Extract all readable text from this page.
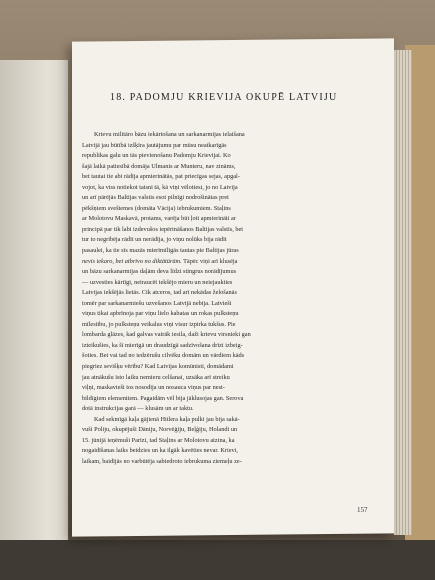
18. PADOMJU KRIEVIJA OKUPĒ LATVIJU
Krievu militāro bāzu iekārtošana un sarkanarmijas ielaišana
Latvijā jau būtībā izšķīra jautājumu par mūsu neatkarīgās
republikas galu un tās pievienošanu Padomju Krievijai. Ko
šajā laikā patiesībā domāja Ulmanis ar Munteru, nav zināms,
bet tautai tie abi rādīja apmierinātās, pat priecīgas sejas, apgal-
vojot, ka viss notiekot taisni tā, kā viņi vēlotiesi, jo no Latvija
un arī pārējās Baltijas valstis esot pilnīgi nodrošinātas pret
pēkšņiem sveštemes (domāta Vācija) iebrukumiem. Staļins
ar Molotovu Maskavā, protams, varēja būt ļoti apmierināti ar
principā par tik labi izdevušos iepērināšanos Baltijas valstīs, bet
tur to negribēja rādīt un nerādīja, jo viņu nolūks bija rādīt
pasaulei, ka tie sīs mazās mierīmīlīgās tautas pie Baltijas jūras
nevis iekaro, bet atbrīvo no diktātūrām. Tāpēc viņi arī klusēja
un bāzu sarkanarmijas daļām deva līdzi stingrus norādījumus
— uzvesties kārtīgi, neiraucēt iekšējo mieru un neiejaukties
Latvijas iekšējās lietās. Cik atceros, tad arī nekādas želošanās
tomēr par sarkanarmiešu uzvešanos Latvijā nebija. Latvieši
viņus tikai apbrīnoja par viņu lielo kabatas un rokas pulksteņu
mīlestību, jo pulksteņu veikalus viņi visur izpirka tukšus. Pie
lombarda glāzes, kad galvas vairāk iesila, daži krievu virsnieki gan
izteikušies, ka šī mierīgā un draudzīgā sadzīvošana drīzi izbeig-
šoties. Bet vai tad no iedzērušu cilvēku domām un vārdiem kāds
piegriez sevišķu vērību? Kad Latvijas komūnisti, domādami
jau atnākušu īsto laiku nemieru celšanai, uzsāka arī streiku
viļņi, maskavieši tos nosodīja un nosauca viņus par nest-
bildīgiem elementiem. Pagaidām vēl bija jāklusojas gan. Serova
dotā instrukcijas garā — klusām un ar taktu.
Kad sekmīgā kaļa gājienā Hitlera kaļa pulki jau bija sakā-
vuši Poliju, okupējuši Dāniju, Norvēģiju, Beļģiju, Holandi un
15. jūnijā ieņēmuši Parīzi, tad Staļins ar Molotovu atzina, ka
nogaidīšanas laiks beidzies un ka ilgāk kavēties nevar. Krievi,
laikam, baidījās no varbūtēja sabiedroto iebrukuma ziemeļu ze-
157
